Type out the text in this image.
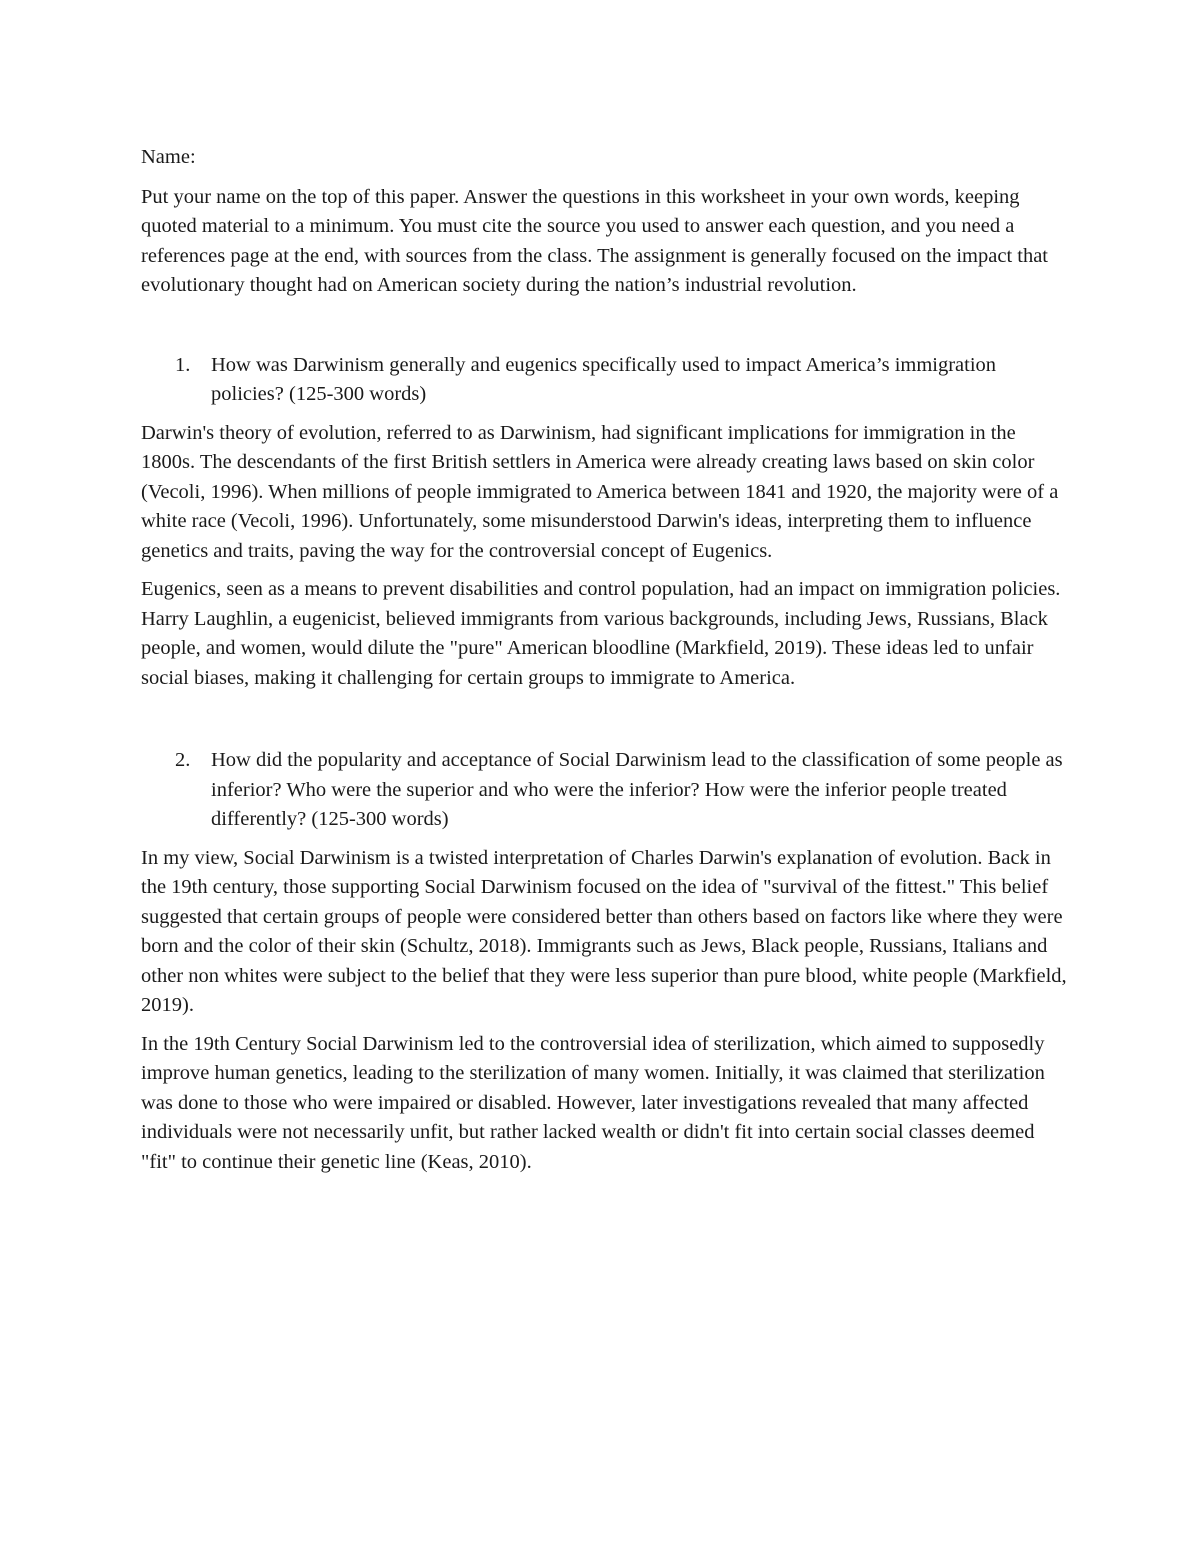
Name:

Put your name on the top of this paper. Answer the questions in this worksheet in your own words, keeping quoted material to a minimum. You must cite the source you used to answer each question, and you need a references page at the end, with sources from the class. The assignment is generally focused on the impact that evolutionary thought had on American society during the nation’s industrial revolution.

1. How was Darwinism generally and eugenics specifically used to impact America’s immigration policies? (125-300 words)

Darwin's theory of evolution, referred to as Darwinism, had significant implications for immigration in the 1800s. The descendants of the first British settlers in America were already creating laws based on skin color (Vecoli, 1996). When millions of people immigrated to America between 1841 and 1920, the majority were of a white race (Vecoli, 1996). Unfortunately, some misunderstood Darwin's ideas, interpreting them to influence genetics and traits, paving the way for the controversial concept of Eugenics.

Eugenics, seen as a means to prevent disabilities and control population, had an impact on immigration policies. Harry Laughlin, a eugenicist, believed immigrants from various backgrounds, including Jews, Russians, Black people, and women, would dilute the "pure" American bloodline (Markfield, 2019). These ideas led to unfair social biases, making it challenging for certain groups to immigrate to America.

2. How did the popularity and acceptance of Social Darwinism lead to the classification of some people as inferior? Who were the superior and who were the inferior? How were the inferior people treated differently? (125-300 words)

In my view, Social Darwinism is a twisted interpretation of Charles Darwin's explanation of evolution. Back in the 19th century, those supporting Social Darwinism focused on the idea of "survival of the fittest." This belief suggested that certain groups of people were considered better than others based on factors like where they were born and the color of their skin (Schultz, 2018). Immigrants such as Jews, Black people, Russians, Italians and other non whites were subject to the belief that they were less superior than pure blood, white people (Markfield, 2019).

In the 19th Century Social Darwinism led to the controversial idea of sterilization, which aimed to supposedly improve human genetics, leading to the sterilization of many women. Initially, it was claimed that sterilization was done to those who were impaired or disabled. However, later investigations revealed that many affected individuals were not necessarily unfit, but rather lacked wealth or didn't fit into certain social classes deemed "fit" to continue their genetic line (Keas, 2010).
